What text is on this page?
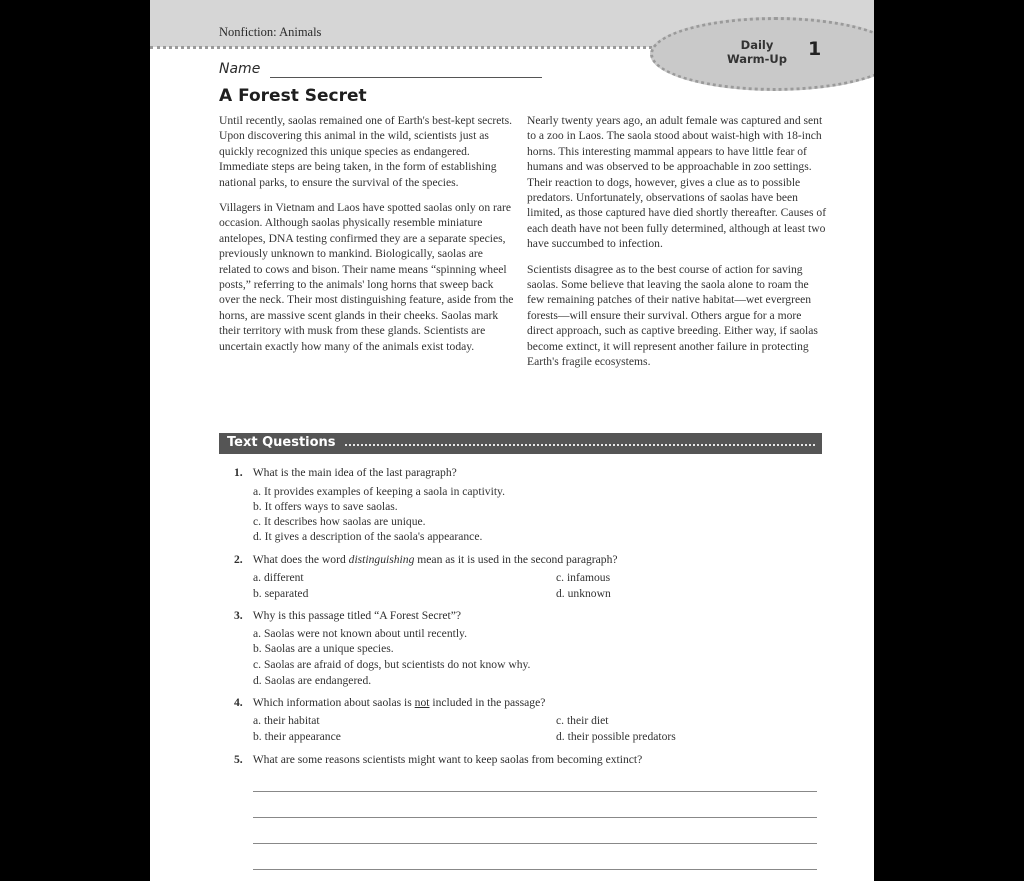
Nonfiction: Animals
Daily
Warm-Up 1
Name
A Forest Secret

Until recently, saolas remained one of Earth's best-kept secrets. Upon discovering this animal in the wild, scientists just as quickly recognized this unique species as endangered. Immediate steps are being taken, in the form of establishing national parks, to ensure the survival of the species.

Villagers in Vietnam and Laos have spotted saolas only on rare occasion. Although saolas physically resemble miniature antelopes, DNA testing confirmed they are a separate species, previously unknown to mankind. Biologically, saolas are related to cows and bison. Their name means “spinning wheel posts,” referring to the animals' long horns that sweep back over the neck. Their most distinguishing feature, aside from the horns, are massive scent glands in their cheeks. Saolas mark their territory with musk from these glands. Scientists are uncertain exactly how many of the animals exist today.

Nearly twenty years ago, an adult female was captured and sent to a zoo in Laos. The saola stood about waist-high with 18-inch horns. This interesting mammal appears to have little fear of humans and was observed to be approachable in zoo settings. Their reaction to dogs, however, gives a clue as to possible predators. Unfortunately, observations of saolas have been limited, as those captured have died shortly thereafter. Causes of each death have not been fully determined, although at least two have succumbed to infection.

Scientists disagree as to the best course of action for saving saolas. Some believe that leaving the saola alone to roam the few remaining patches of their native habitat—wet evergreen forests—will ensure their survival. Others argue for a more direct approach, such as captive breeding. Either way, if saolas become extinct, it will represent another failure in protecting Earth's fragile ecosystems.

Text Questions
1. What is the main idea of the last paragraph?
a. It provides examples of keeping a saola in captivity.
b. It offers ways to save saolas.
c. It describes how saolas are unique.
d. It gives a description of the saola's appearance.
2. What does the word distinguishing mean as it is used in the second paragraph?
a. different
b. separated
c. infamous
d. unknown
3. Why is this passage titled “A Forest Secret”?
a. Saolas were not known about until recently.
b. Saolas are a unique species.
c. Saolas are afraid of dogs, but scientists do not know why.
d. Saolas are endangered.
4. Which information about saolas is not included in the passage?
a. their habitat
b. their appearance
c. their diet
d. their possible predators
5. What are some reasons scientists might want to keep saolas from becoming extinct?
